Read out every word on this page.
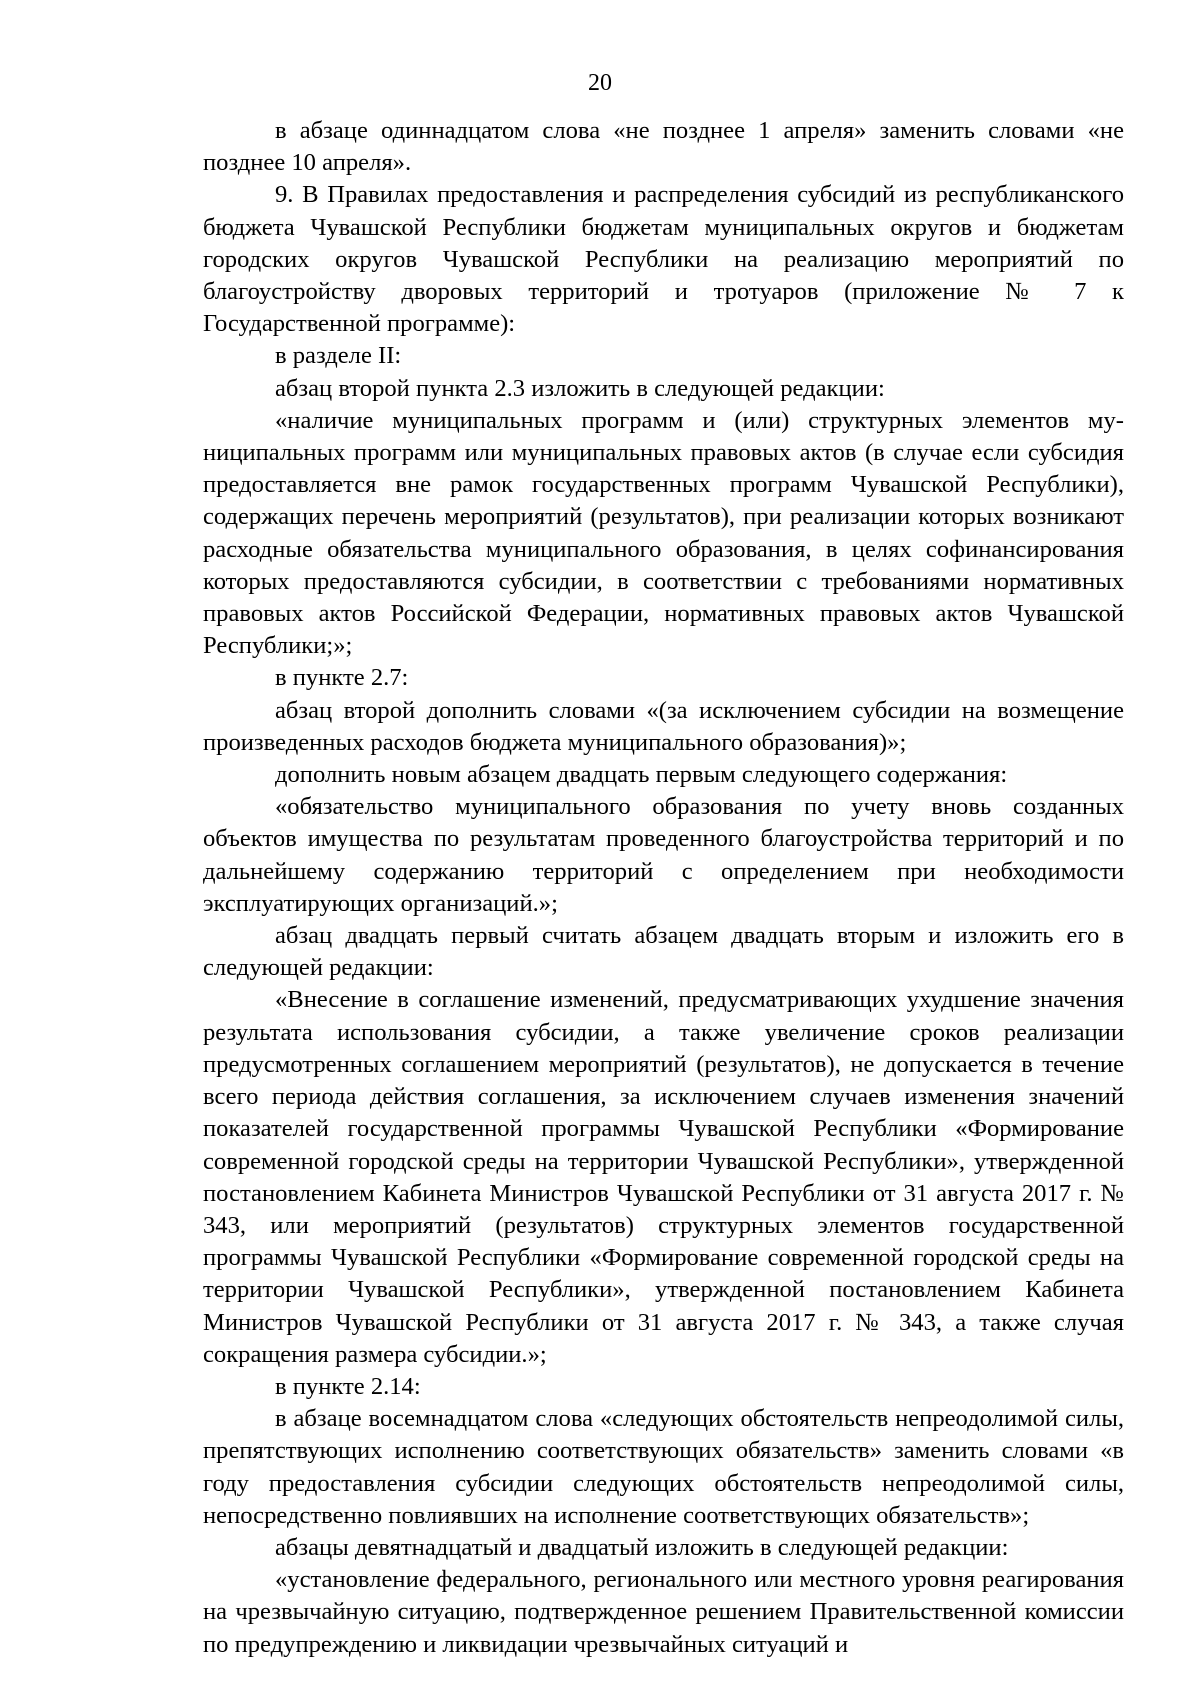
20

в абзаце одиннадцатом слова «не позднее 1 апреля» заменить словами «не позднее 10 апреля».

9. В Правилах предоставления и распределения субсидий из республиканского бюджета Чувашской Республики бюджетам муниципальных округов и бюджетам городских округов Чувашской Республики на реализацию мероприятий по благоустройству дворовых территорий и тротуаров (приложение № 7 к Государственной программе):

в разделе II:

абзац второй пункта 2.3 изложить в следующей редакции:

«наличие муниципальных программ и (или) структурных элементов муниципальных программ или муниципальных правовых актов (в случае если субсидия предоставляется вне рамок государственных программ Чувашской Республики), содержащих перечень мероприятий (результатов), при реализации которых возникают расходные обязательства муниципального образования, в целях софинансирования которых предоставляются субсидии, в соответствии с требованиями нормативных правовых актов Российской Федерации, нормативных правовых актов Чувашской Республики;»;

в пункте 2.7:

абзац второй дополнить словами «(за исключением субсидии на возмещение произведенных расходов бюджета муниципального образования)»;

дополнить новым абзацем двадцать первым следующего содержания:

«обязательство муниципального образования по учету вновь созданных объектов имущества по результатам проведенного благоустройства территорий и по дальнейшему содержанию территорий с определением при необходимости эксплуатирующих организаций.»;

абзац двадцать первый считать абзацем двадцать вторым и изложить его в следующей редакции:

«Внесение в соглашение изменений, предусматривающих ухудшение значения результата использования субсидии, а также увеличение сроков реализации предусмотренных соглашением мероприятий (результатов), не допускается в течение всего периода действия соглашения, за исключением случаев изменения значений показателей государственной программы Чувашской Республики «Формирование современной городской среды на территории Чувашской Республики», утвержденной постановлением Кабинета Министров Чувашской Республики от 31 августа 2017 г. № 343, или мероприятий (результатов) структурных элементов государственной программы Чувашской Республики «Формирование современной городской среды на территории Чувашской Республики», утвержденной постановлением Кабинета Министров Чувашской Республики от 31 августа 2017 г. № 343, а также случая сокращения размера субсидии.»;

в пункте 2.14:

в абзаце восемнадцатом слова «следующих обстоятельств непреодолимой силы, препятствующих исполнению соответствующих обязательств» заменить словами «в году предоставления субсидии следующих обстоятельств непреодолимой силы, непосредственно повлиявших на исполнение соответствующих обязательств»;

абзацы девятнадцатый и двадцатый изложить в следующей редакции:

«установление федерального, регионального или местного уровня реагирования на чрезвычайную ситуацию, подтвержденное решением Правительственной комиссии по предупреждению и ликвидации чрезвычайных ситуаций и
